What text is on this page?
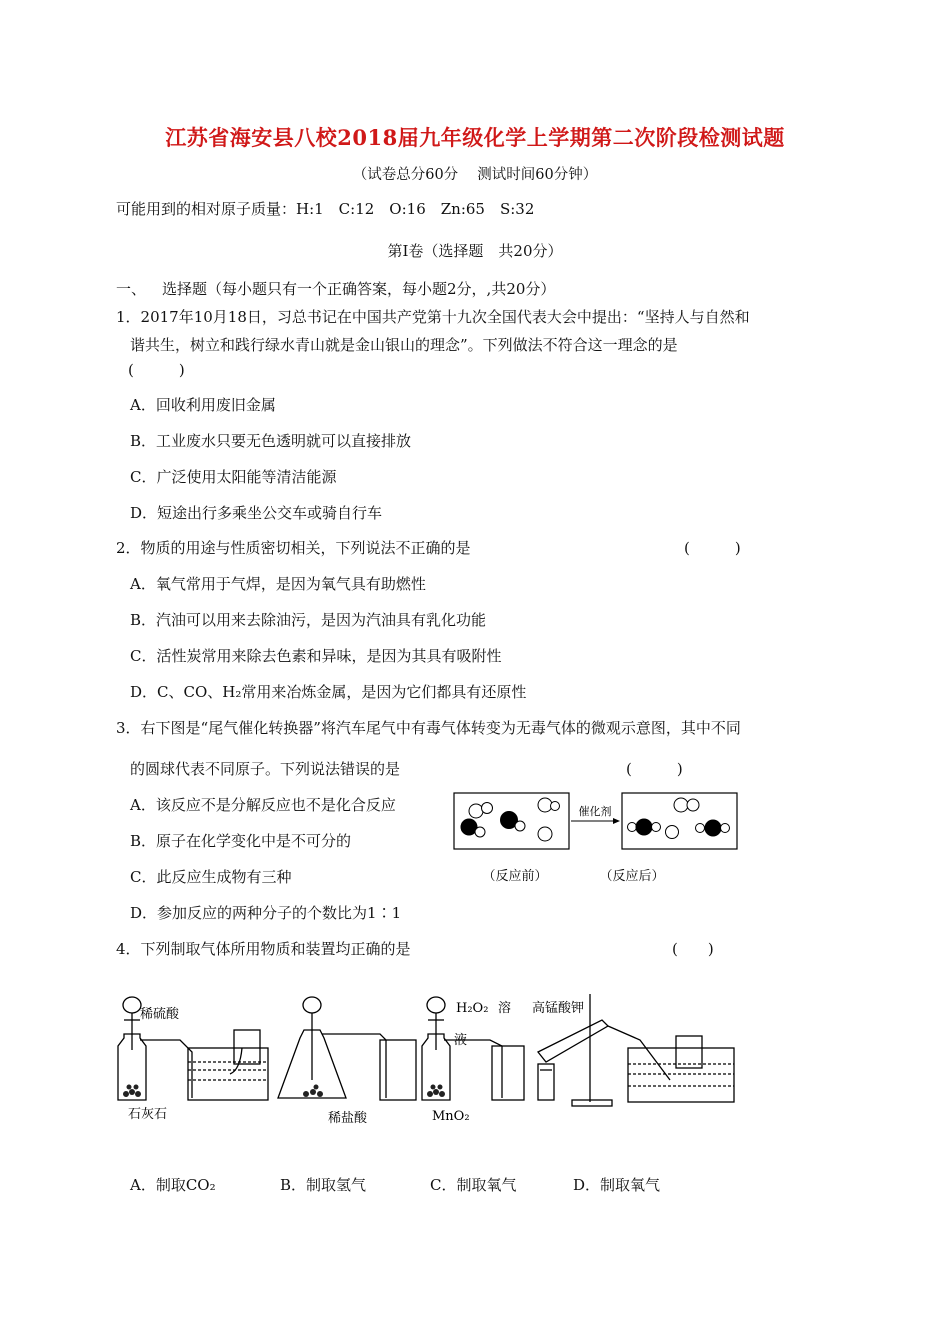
江苏省海安县八校2018届九年级化学上学期第二次阶段检测试题
（试卷总分60分　 测试时间60分钟）
可能用到的相对原子质量：H:1　C:12　O:16　Zn:65　S:32
第Ⅰ卷（选择题　共20分）
一、 选择题（每小题只有一个正确答案，每小题2分，,共20分）
1．2017年10月18日，习总书记在中国共产党第十九次全国代表大会中提出：“坚持人与自然和
谐共生，树立和践行绿水青山就是金山银山的理念”。下列做法不符合这一理念的是
(　　　)
A．回收利用废旧金属
B．工业废水只要无色透明就可以直接排放
C．广泛使用太阳能等清洁能源
D．短途出行多乘坐公交车或骑自行车
2．物质的用途与性质密切相关，下列说法不正确的是	(　　　)
A．氧气常用于气焊，是因为氧气具有助燃性
B．汽油可以用来去除油污，是因为汽油具有乳化功能
C．活性炭常用来除去色素和异味，是因为其具有吸附性
D．C、CO、H₂常用来冶炼金属，是因为它们都具有还原性
3．右下图是“尾气催化转换器”将汽车尾气中有毒气体转变为无毒气体的微观示意图，其中不同
的圆球代表不同原子。下列说法错误的是	(　　　)
A．该反应不是分解反应也不是化合反应
B．原子在化学变化中是不可分的
C．此反应生成物有三种
D．参加反应的两种分子的个数比为1∶1
催化剂
（反应前）	（反应后）
4．下列制取气体所用物质和装置均正确的是	(　　)
稀硫酸
石灰石	稀盐酸
H₂O₂ 溶
液
MnO₂
高锰酸钾
A．制取CO₂	B．制取氢气	C．制取氧气	D．制取氧气
